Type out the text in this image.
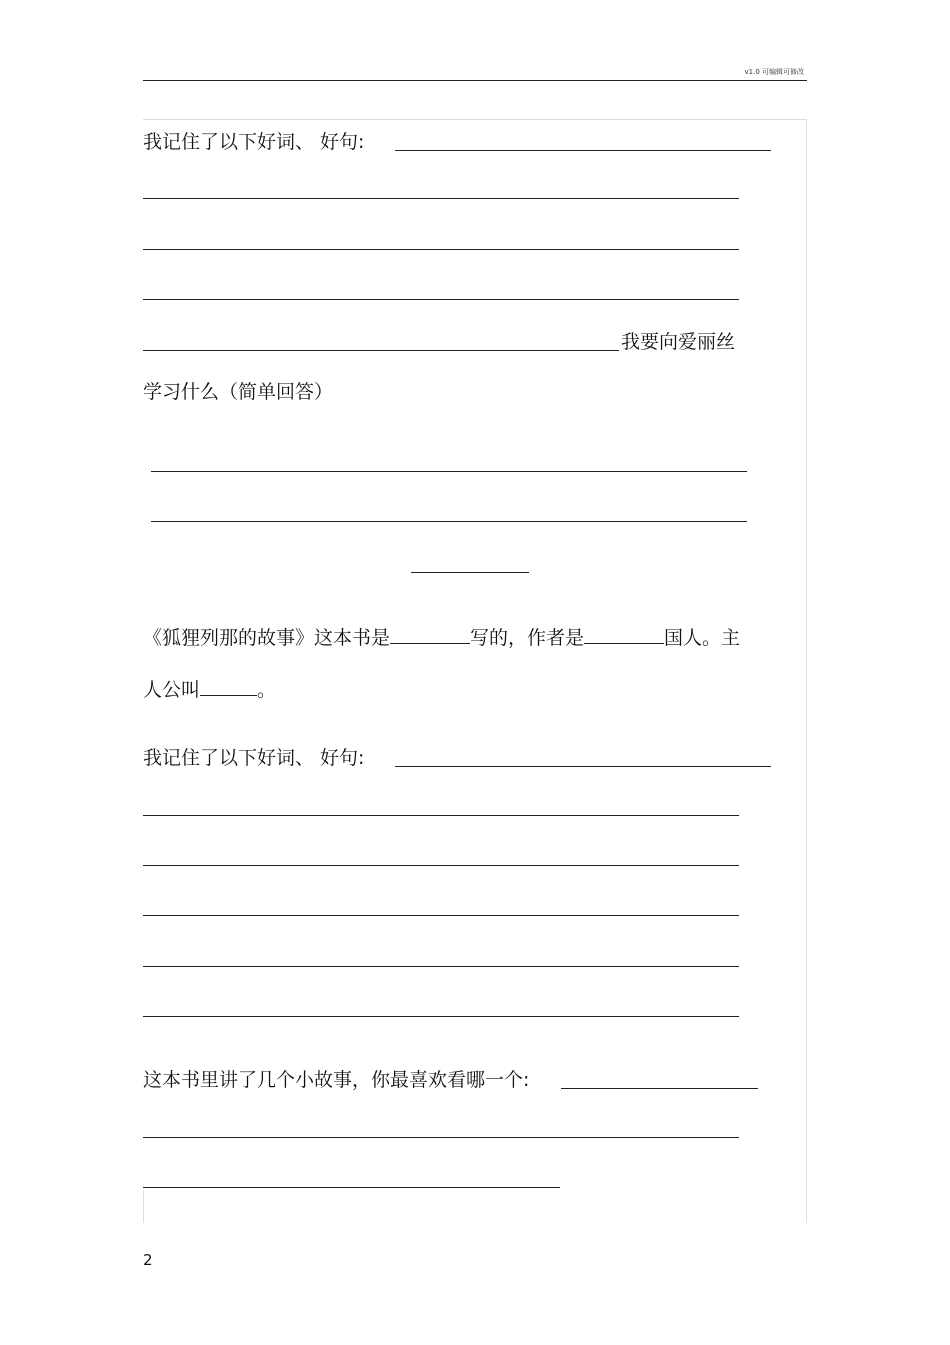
v1.0 可编辑可修改
我记住了以下好词、 好句:
我要向爱丽丝
学习什么（简单回答）
《狐狸列那的故事》这本书是	写的，作者是	国人。主
人公叫	。
我记住了以下好词、 好句:
这本书里讲了几个小故事，你最喜欢看哪一个:
2
